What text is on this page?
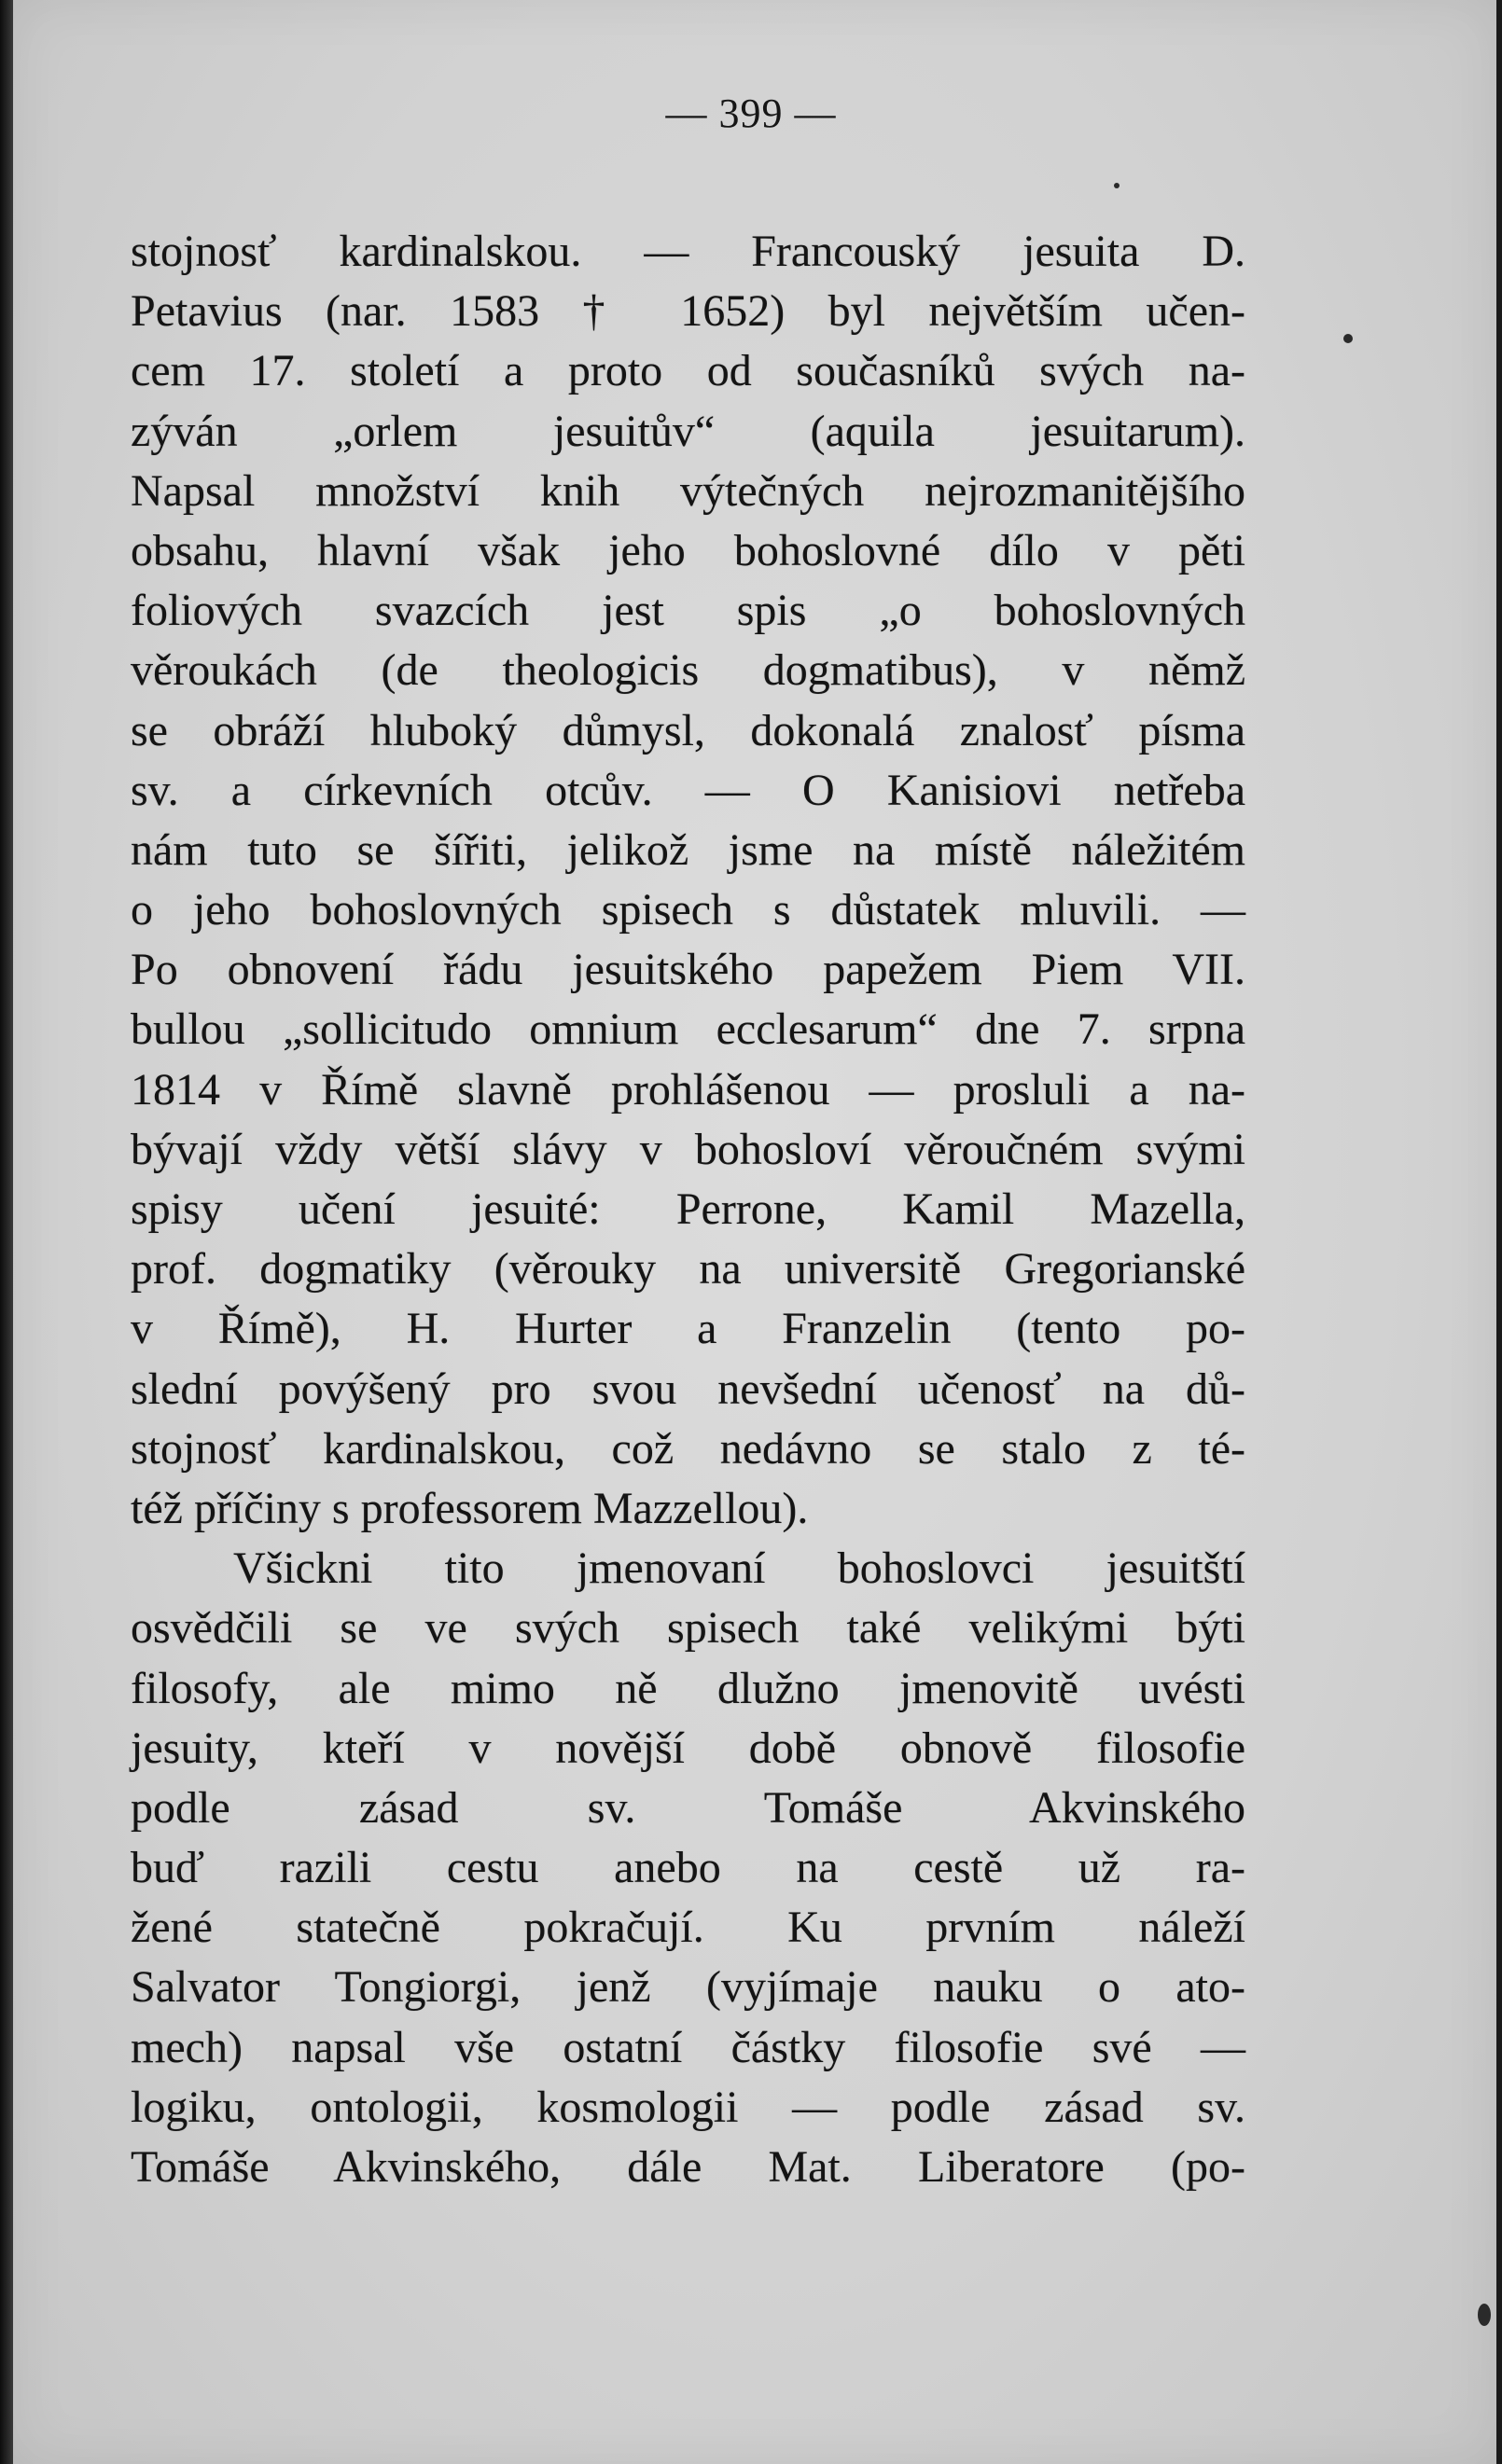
— 399 —
stojnosť kardinalskou. — Francouský jesuita D.
Petavius (nar. 1583 † 1652) byl největším učen-
cem 17. století a proto od současníků svých na-
zýván „orlem jesuitův“ (aquila jesuitarum).
Napsal množství knih výtečných nejrozmanitějšího
obsahu, hlavní však jeho bohoslovné dílo v pěti
foliových svazcích jest spis „o bohoslovných
věroukách (de theologicis dogmatibus), v němž
se obráží hluboký důmysl, dokonalá znalosť písma
sv. a církevních otcův. — O Kanisiovi netřeba
nám tuto se šířiti, jelikož jsme na místě náležitém
o jeho bohoslovných spisech s důstatek mluvili. —
Po obnovení řádu jesuitského papežem Piem VII.
bullou „sollicitudo omnium ecclesarum“ dne 7. srpna
1814 v Římě slavně prohlášenou — prosluli a na-
bývají vždy větší slávy v bohosloví věroučném svými
spisy učení jesuité: Perrone, Kamil Mazella,
prof. dogmatiky (věrouky na universitě Gregorianské
v Římě), H. Hurter a Franzelin (tento po-
slední povýšený pro svou nevšední učenosť na dů-
stojnosť kardinalskou, což nedávno se stalo z té-
též příčiny s professorem Mazzellou).
Všickni tito jmenovaní bohoslovci jesuitští
osvědčili se ve svých spisech také velikými býti
filosofy, ale mimo ně dlužno jmenovitě uvésti
jesuity, kteří v novější době obnově filosofie
podle zásad sv. Tomáše Akvinského
buď razili cestu anebo na cestě už ra-
žené statečně pokračují. Ku prvním náleží
Salvator Tongiorgi, jenž (vyjímaje nauku o ato-
mech) napsal vše ostatní částky filosofie své —
logiku, ontologii, kosmologii — podle zásad sv.
Tomáše Akvinského, dále Mat. Liberatore (po-
